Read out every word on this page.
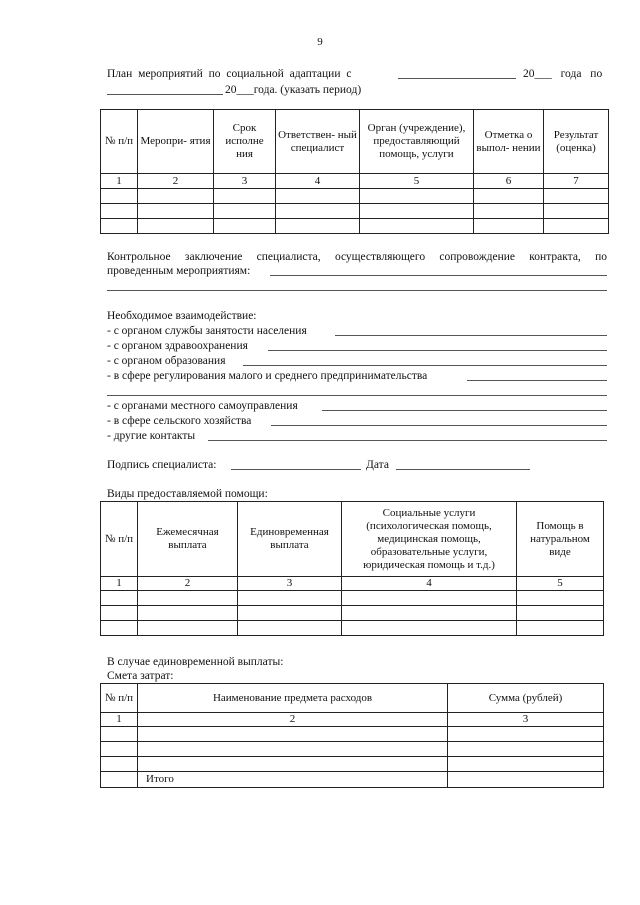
9
План мероприятий по социальной адаптации с	20___ года по
20___года. (указать период)
№ п/п	Меропри- ятия	Срок исполне ния	Ответствен- ный специалист	Орган (учреждение), предоставляющий помощь, услуги	Отметка о выпол- нении	Результат (оценка)
1	2	3	4	5	6	7

Контрольное заключение специалиста, осуществляющего сопровождение контракта, по
проведенным мероприятиям:
Необходимое взаимодействие:
- с органом службы занятости населения
- с органом здравоохранения
- с органом образования
- в сфере регулирования малого и среднего предпринимательства
- с органами местного самоуправления
- в сфере сельского хозяйства
- другие контакты
Подпись специалиста:	Дата
Виды предоставляемой помощи:
№ п/п	Ежемесячная выплата	Единовременная выплата	Социальные услуги (психологическая помощь, медицинская помощь, образовательные услуги, юридическая помощь и т.д.)	Помощь в натуральном виде
1	2	3	4	5

В случае единовременной выплаты:
Смета затрат:
№ п/п	Наименование предмета расходов	Сумма (рублей)
1	2	3

	Итого	
